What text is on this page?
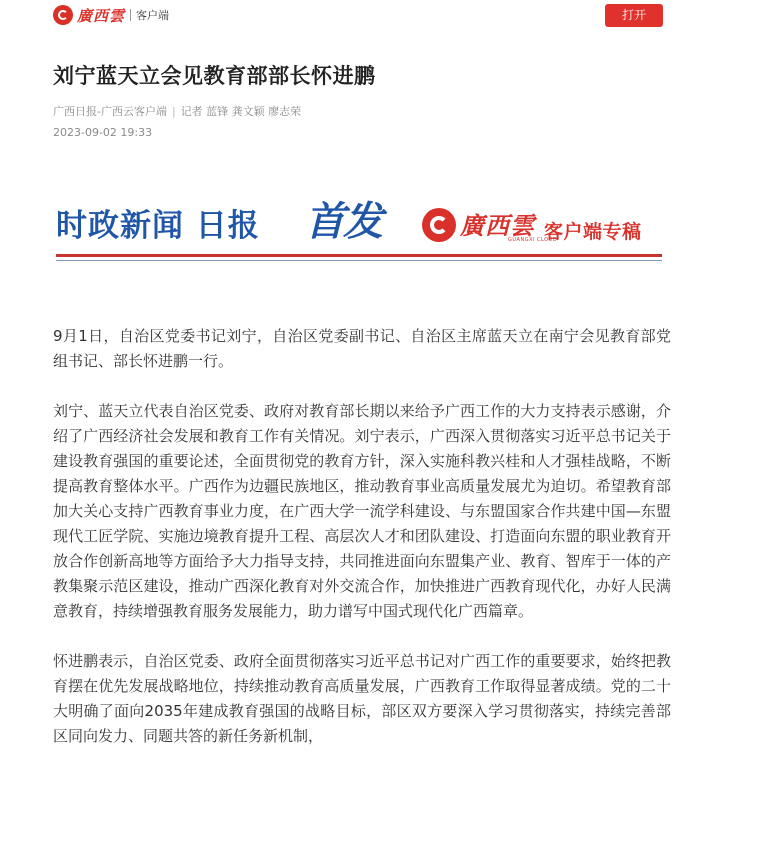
廣西雲 客户端	打开
刘宁蓝天立会见教育部部长怀进鹏
广西日报-广西云客户端 | 记者 蓝锋 龚文颖 廖志荣
2023-09-02 19:33
时政新闻 日报 首发	廣西雲
GUANGXI CLOUD
客户端专稿

9月1日，自治区党委书记刘宁，自治区党委副书记、自治区主席蓝天立在南宁会见教育部党组书记、部长怀进鹏一行。

刘宁、蓝天立代表自治区党委、政府对教育部长期以来给予广西工作的大力支持表示感谢，介绍了广西经济社会发展和教育工作有关情况。刘宁表示，广西深入贯彻落实习近平总书记关于建设教育强国的重要论述，全面贯彻党的教育方针，深入实施科教兴桂和人才强桂战略，不断提高教育整体水平。广西作为边疆民族地区，推动教育事业高质量发展尤为迫切。希望教育部加大关心支持广西教育事业力度，在广西大学一流学科建设、与东盟国家合作共建中国—东盟现代工匠学院、实施边境教育提升工程、高层次人才和团队建设、打造面向东盟的职业教育开放合作创新高地等方面给予大力指导支持，共同推进面向东盟集产业、教育、智库于一体的产教集聚示范区建设，推动广西深化教育对外交流合作，加快推进广西教育现代化，办好人民满意教育，持续增强教育服务发展能力，助力谱写中国式现代化广西篇章。

怀进鹏表示，自治区党委、政府全面贯彻落实习近平总书记对广西工作的重要要求，始终把教育摆在优先发展战略地位，持续推动教育高质量发展，广西教育工作取得显著成绩。党的二十大明确了面向2035年建成教育强国的战略目标，部区双方要深入学习贯彻落实，持续完善部区同向发力、同题共答的新任务新机制，
